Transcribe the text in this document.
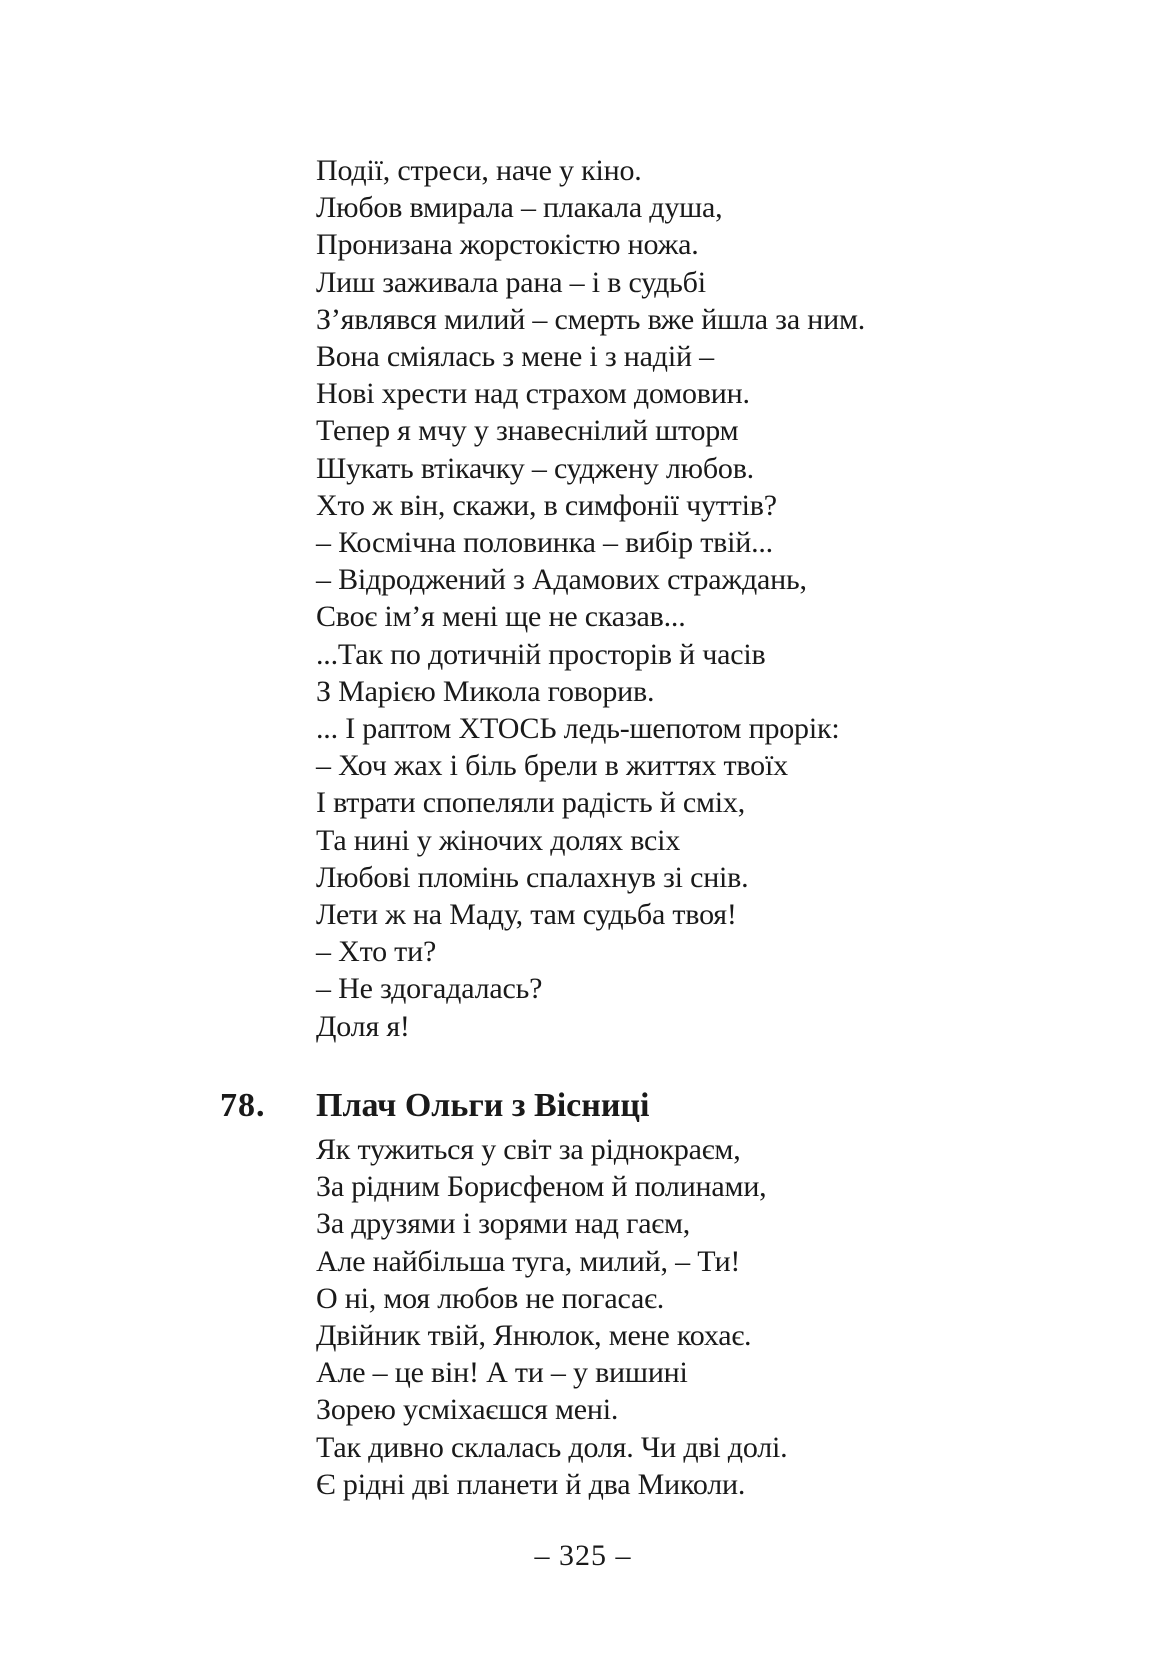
Події, стреси, наче у кіно.
Любов вмирала – плакала душа,
Пронизана жорстокістю ножа.
Лиш заживала рана – і в судьбі
З’являвся милий – смерть вже йшла за ним.
Вона сміялась з мене і з надій –
Нові хрести над страхом домовин.
Тепер я мчу у знавеснілий шторм
Шукать втікачку – суджену любов.
Хто ж він, скажи, в симфонії чуттів?
– Космічна половинка – вибір твій...
– Відроджений з Адамових страждань,
Своє ім’я мені ще не сказав...
...Так по дотичній просторів й часів
З Марією Микола говорив.
... І раптом ХТОСЬ ледь-шепотом прорік:
– Хоч жах і біль брели в життях твоїх
І втрати спопеляли радість й сміх,
Та нині у жіночих долях всіх
Любові пломінь спалахнув зі снів.
Лети ж на Маду, там судьба твоя!
– Хто ти?
– Не здогадалась?
Доля я!
78. Плач Ольги з Вісниці
Як тужиться у світ за ріднокраєм,
За рідним Борисфеном й полинами,
За друзями і зорями над гаєм,
Але найбільша туга, милий, – Ти!
О ні, моя любов не погасає.
Двійник твій, Янюлок, мене кохає.
Але – це він! А ти – у вишині
Зорею усміхаєшся мені.
Так дивно склалась доля. Чи дві долі.
Є рідні дві планети й два Миколи.
– 325 –
